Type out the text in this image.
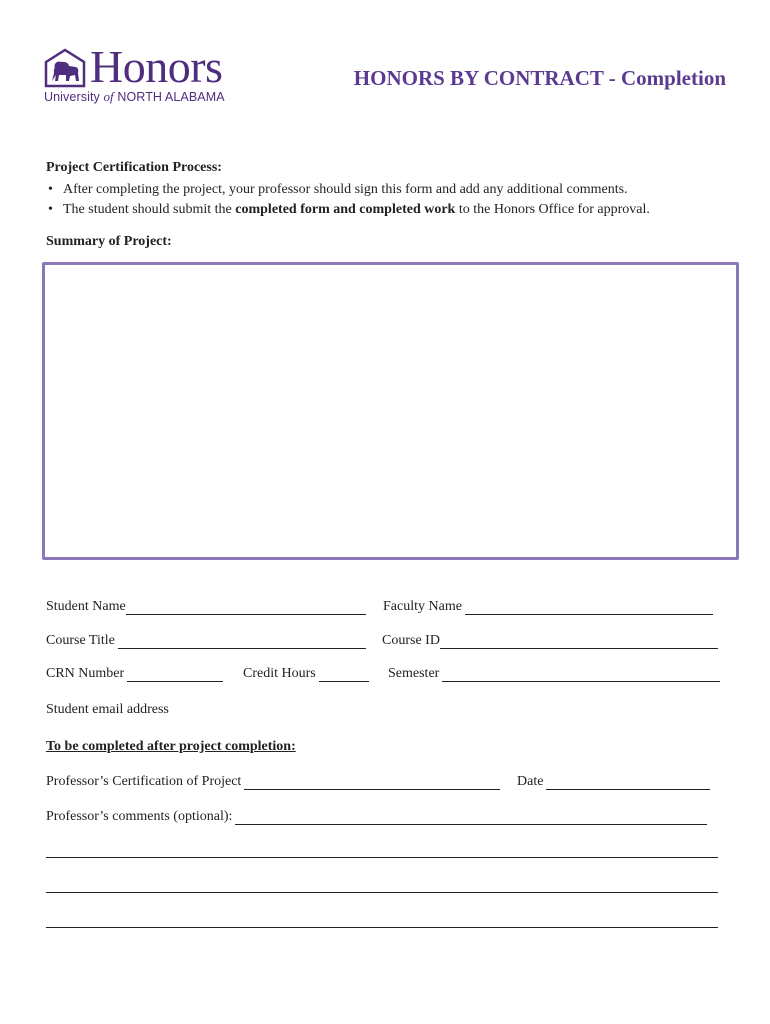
Honors
University of NORTH ALABAMA
HONORS BY CONTRACT - Completion
Project Certification Process:
• After completing the project, your professor should sign this form and add any additional comments.
• The student should submit the completed form and completed work to the Honors Office for approval.
Summary of Project:
Student Name	Faculty Name
Course Title	Course ID
CRN Number	Credit Hours	Semester
Student email address
To be completed after project completion:
Professor’s Certification of Project	Date
Professor’s comments (optional):
